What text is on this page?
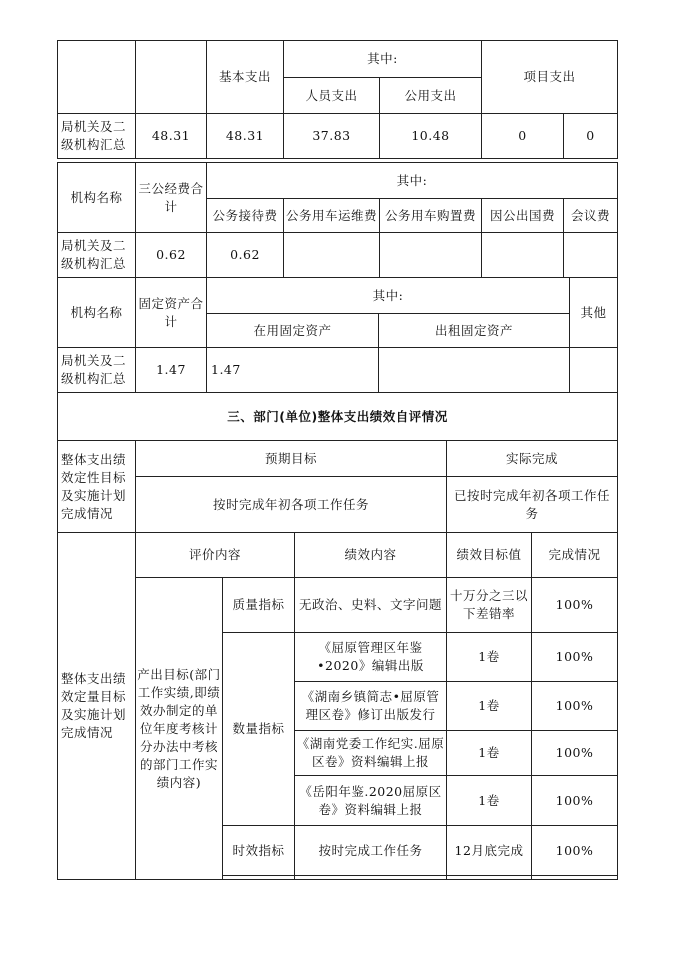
		基本支出	其中:		项目支出	
			人员支出	公用支出		
局机关及二级机构汇总	48.31	48.31	37.83	10.48	0	0
机构名称	三公经费合计	其中:				
		公务接待费	公务用车运维费	公务用车购置费	因公出国费	会议费
局机关及二级机构汇总	0.62	0.62				
机构名称	固定资产合计	其中:		其他
		在用固定资产	出租固定资产	
局机关及二级机构汇总	1.47	1.47		
三、部门(单位)整体支出绩效自评情况						
整体支出绩效定性目标及实施计划完成情况	预期目标			实际完成		
	按时完成年初各项工作任务			已按时完成年初各项工作任务		
整体支出绩效定量目标及实施计划完成情况	评价内容		绩效内容	绩效目标值	完成情况	
	产出目标(部门工作实绩,即绩效办制定的单位年度考核计分办法中考核的部门工作实绩内容)	质量指标	无政治、史料、文字问题	十万分之三以下差错率	100%	
		数量指标	《屈原管理区年鉴•2020》编辑出版	1卷	100%	
			《湖南乡镇简志•屈原管理区卷》修订出版发行	1卷	100%	
			《湖南党委工作纪实.屈原区卷》资料编辑上报	1卷	100%	
			《岳阳年鉴.2020屈原区卷》资料编辑上报	1卷	100%	
		时效指标	按时完成工作任务	12月底完成	100%	
